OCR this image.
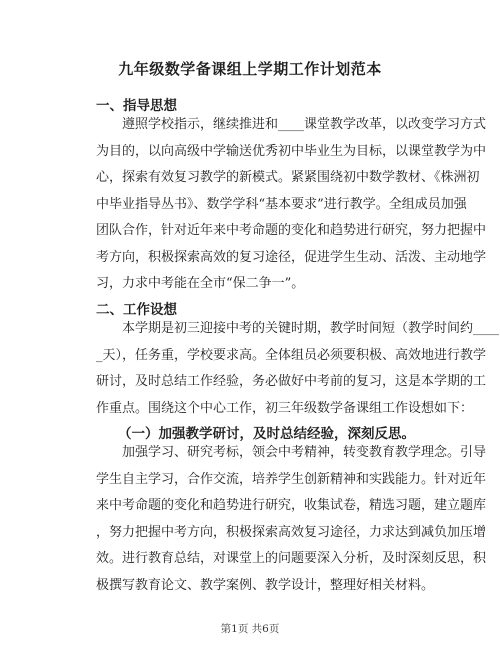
九年级数学备课组上学期工作计划范本
一、指导思想
遵照学校指示，继续推进和____课堂教学改革，以改变学习方式
为目的，以向高级中学输送优秀初中毕业生为目标，以课堂教学为中
心，探索有效复习教学的新模式。紧紧围绕初中数学教材、《株洲初
中毕业指导丛书》、数学学科“基本要求”进行教学。全组成员加强
团队合作，针对近年来中考命题的变化和趋势进行研究，努力把握中
考方向，积极探索高效的复习途径，促进学生生动、活泼、主动地学
习，力求中考能在全市“保二争一”。
二、工作设想
本学期是初三迎接中考的关键时期，教学时间短（教学时间约____
_天），任务重，学校要求高。全体组员必须要积极、高效地进行教学
研讨，及时总结工作经验，务必做好中考前的复习，这是本学期的工
作重点。围绕这个中心工作，初三年级数学备课组工作设想如下：
（一）加强教学研讨，及时总结经验，深刻反思。
加强学习、研究考标，领会中考精神，转变教育教学理念。引导
学生自主学习，合作交流，培养学生创新精神和实践能力。针对近年
来中考命题的变化和趋势进行研究，收集试卷，精选习题，建立题库
，努力把握中考方向，积极探索高效复习途径，力求达到减负加压增
效。进行教育总结，对课堂上的问题要深入分析，及时深刻反思，积
极撰写教育论文、教学案例、教学设计，整理好相关材料。
第1页 共6页
